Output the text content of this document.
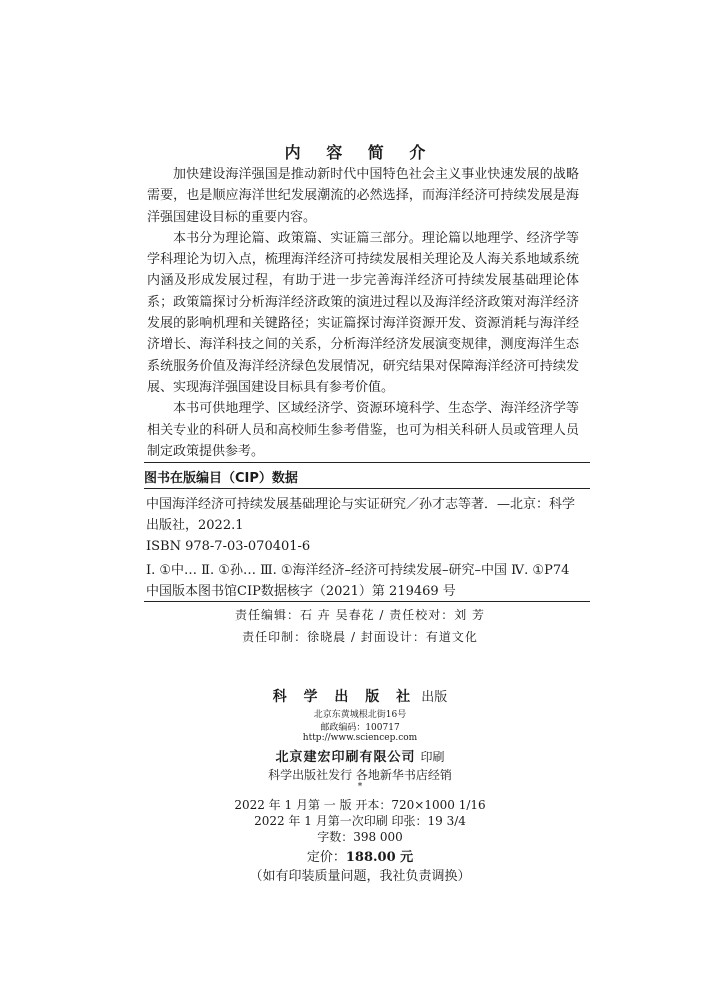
内 容 简 介

加快建设海洋强国是推动新时代中国特色社会主义事业快速发展的战略需要，也是顺应海洋世纪发展潮流的必然选择，而海洋经济可持续发展是海洋强国建设目标的重要内容。

本书分为理论篇、政策篇、实证篇三部分。理论篇以地理学、经济学等学科理论为切入点，梳理海洋经济可持续发展相关理论及人海关系地域系统内涵及形成发展过程，有助于进一步完善海洋经济可持续发展基础理论体系；政策篇探讨分析海洋经济政策的演进过程以及海洋经济政策对海洋经济发展的影响机理和关键路径；实证篇探讨海洋资源开发、资源消耗与海洋经济增长、海洋科技之间的关系，分析海洋经济发展演变规律，测度海洋生态系统服务价值及海洋经济绿色发展情况，研究结果对保障海洋经济可持续发展、实现海洋强国建设目标具有参考价值。

本书可供地理学、区域经济学、资源环境科学、生态学、海洋经济学等相关专业的科研人员和高校师生参考借鉴，也可为相关科研人员或管理人员制定政策提供参考。

图书在版编目（CIP）数据
中国海洋经济可持续发展基础理论与实证研究／孙才志等著．—北京：科学
出版社，2022.1
ISBN 978-7-03-070401-6
Ⅰ. ①中… Ⅱ. ①孙… Ⅲ. ①海洋经济–经济可持续发展–研究–中国 Ⅳ. ①P74
中国版本图书馆CIP数据核字（2021）第 219469 号
责任编辑：石 卉 吴春花 / 责任校对：刘 芳
责任印制：徐晓晨 / 封面设计：有道文化
科 学 出 版 社 出版
北京东黄城根北街16号
邮政编码：100717
http://www.sciencep.com
北京建宏印刷有限公司 印刷
科学出版社发行 各地新华书店经销
*
2022 年 1 月第 一 版 开本：720×1000 1/16
2022 年 1 月第一次印刷 印张：19 3/4
字数：398 000
定价：188.00 元
（如有印装质量问题，我社负责调换）
